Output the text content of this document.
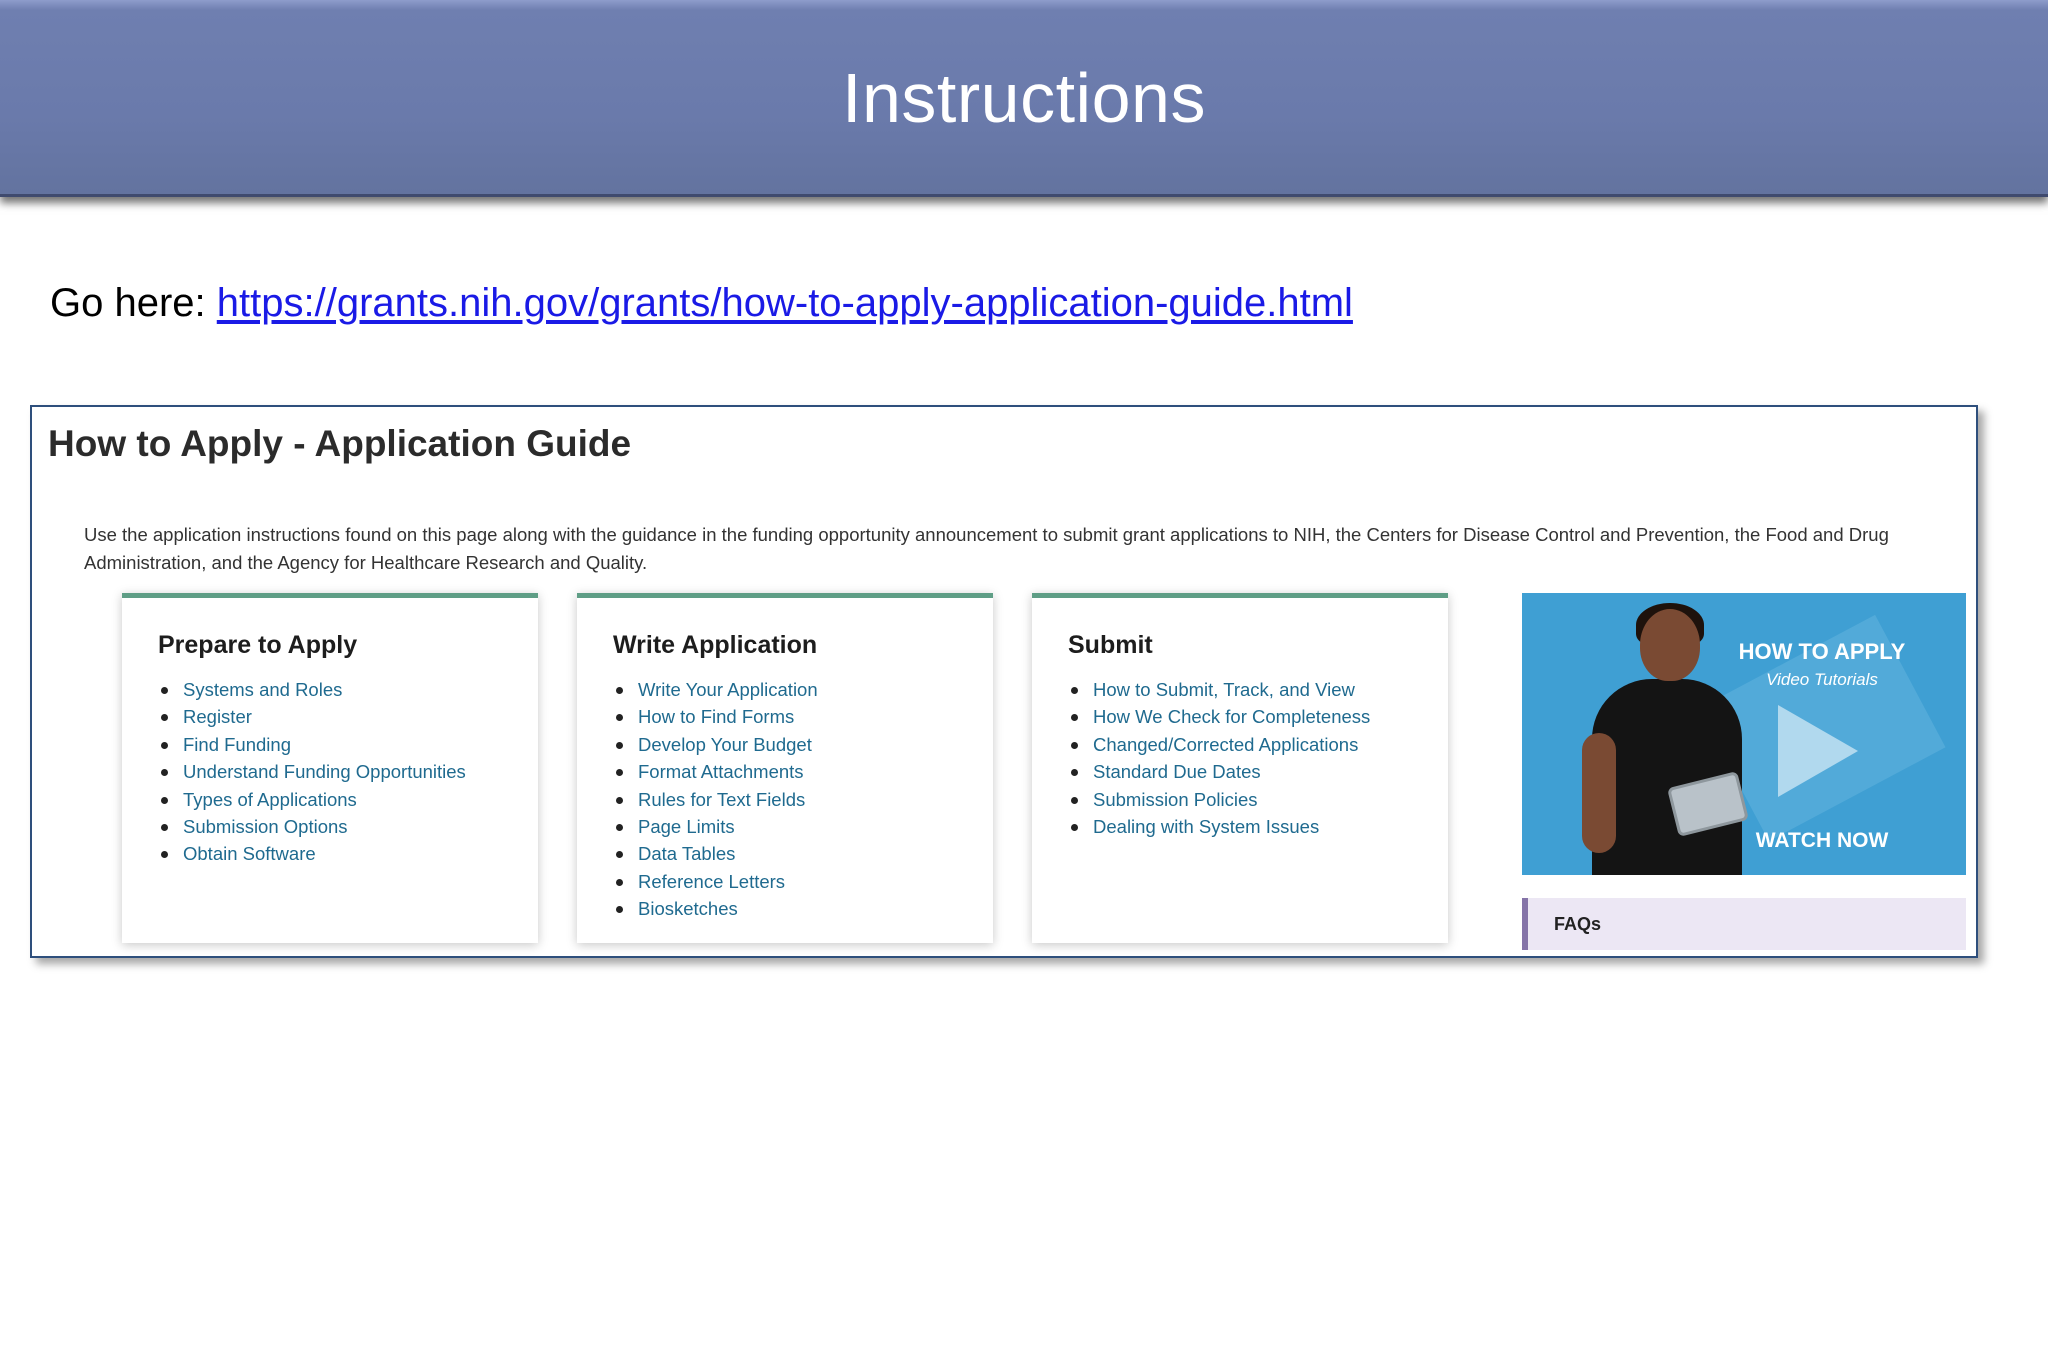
Instructions
Go here: https://grants.nih.gov/grants/how-to-apply-application-guide.html
How to Apply - Application Guide
Use the application instructions found on this page along with the guidance in the funding opportunity announcement to submit grant applications to NIH, the Centers for Disease Control and Prevention, the Food and Drug Administration, and the Agency for Healthcare Research and Quality.
Prepare to Apply
Systems and Roles
Register
Find Funding
Understand Funding Opportunities
Types of Applications
Submission Options
Obtain Software
Write Application
Write Your Application
How to Find Forms
Develop Your Budget
Format Attachments
Rules for Text Fields
Page Limits
Data Tables
Reference Letters
Biosketches
Submit
How to Submit, Track, and View
How We Check for Completeness
Changed/Corrected Applications
Standard Due Dates
Submission Policies
Dealing with System Issues
HOW TO APPLY
Video Tutorials
WATCH NOW
FAQs
